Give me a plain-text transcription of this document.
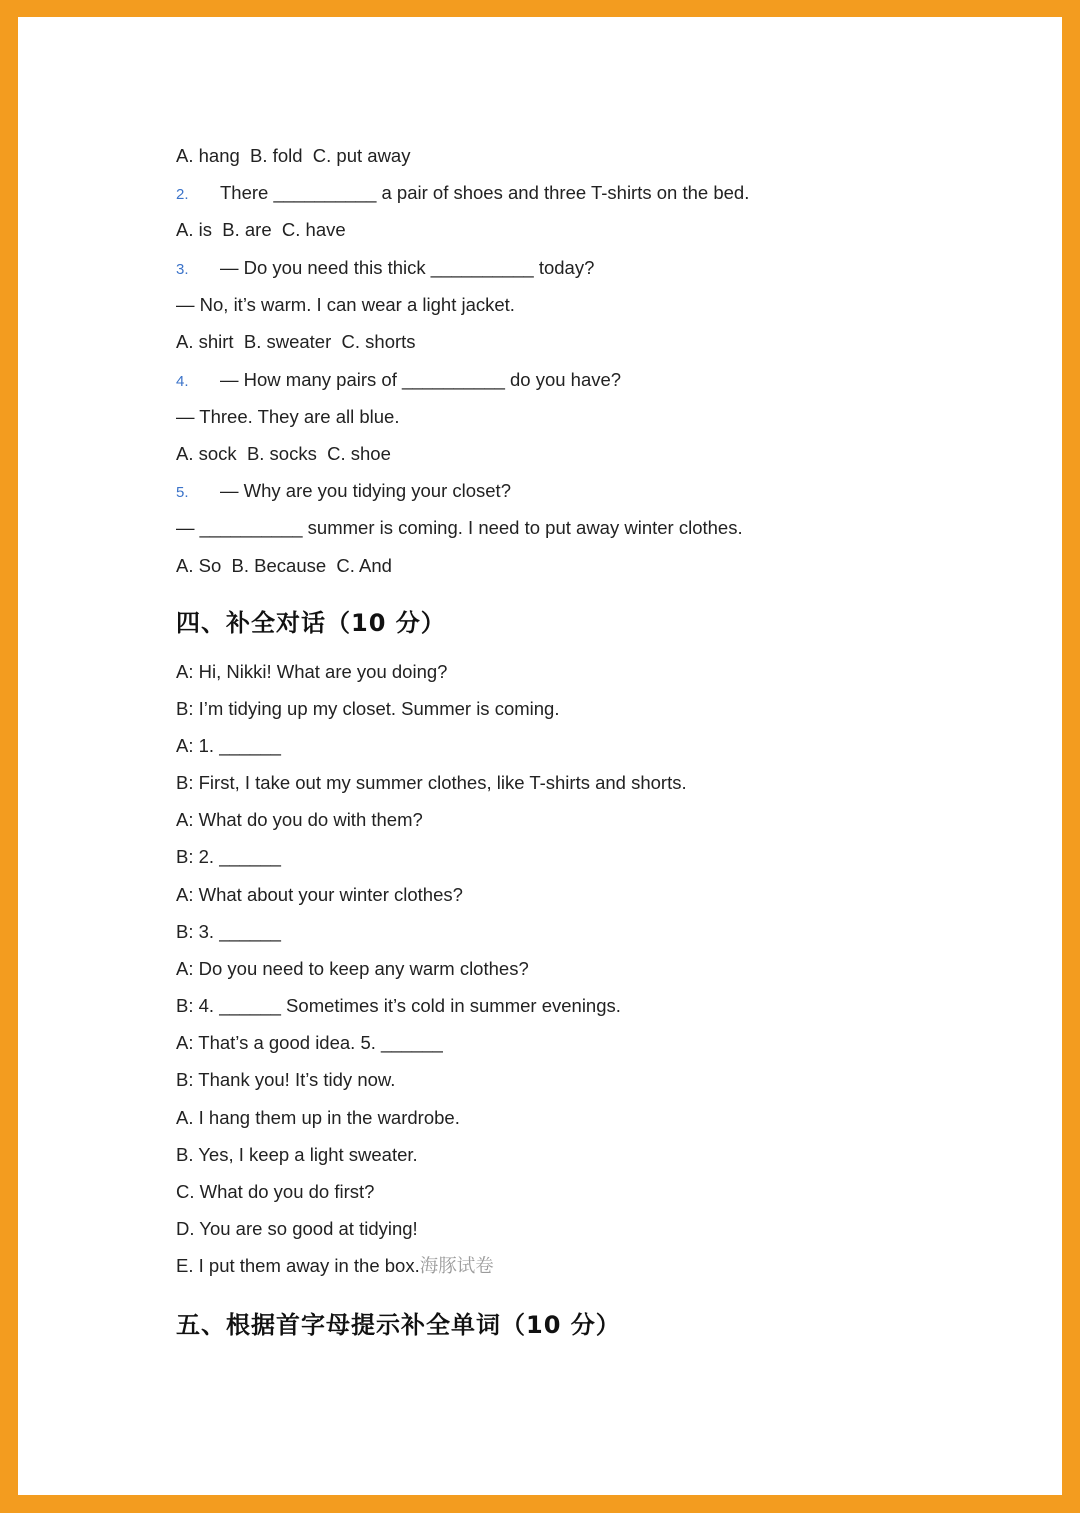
A. hang  B. fold  C. put away
2. There __________ a pair of shoes and three T-shirts on the bed.
A. is  B. are  C. have
3. — Do you need this thick __________ today?
— No, it’s warm. I can wear a light jacket.
A. shirt  B. sweater  C. shorts
4. — How many pairs of __________ do you have?
— Three. They are all blue.
A. sock  B. socks  C. shoe
5. — Why are you tidying your closet?
— __________ summer is coming. I need to put away winter clothes.
A. So  B. Because  C. And
四、补全对话（10 分）
A: Hi, Nikki! What are you doing?
B: I’m tidying up my closet. Summer is coming.
A: 1. ______
B: First, I take out my summer clothes, like T-shirts and shorts.
A: What do you do with them?
B: 2. ______
A: What about your winter clothes?
B: 3. ______
A: Do you need to keep any warm clothes?
B: 4. ______ Sometimes it’s cold in summer evenings.
A: That’s a good idea. 5. ______
B: Thank you! It’s tidy now.
A. I hang them up in the wardrobe.
B. Yes, I keep a light sweater.
C. What do you do first?
D. You are so good at tidying!
E. I put them away in the box.海豚试卷
五、根据首字母提示补全单词（10 分）
